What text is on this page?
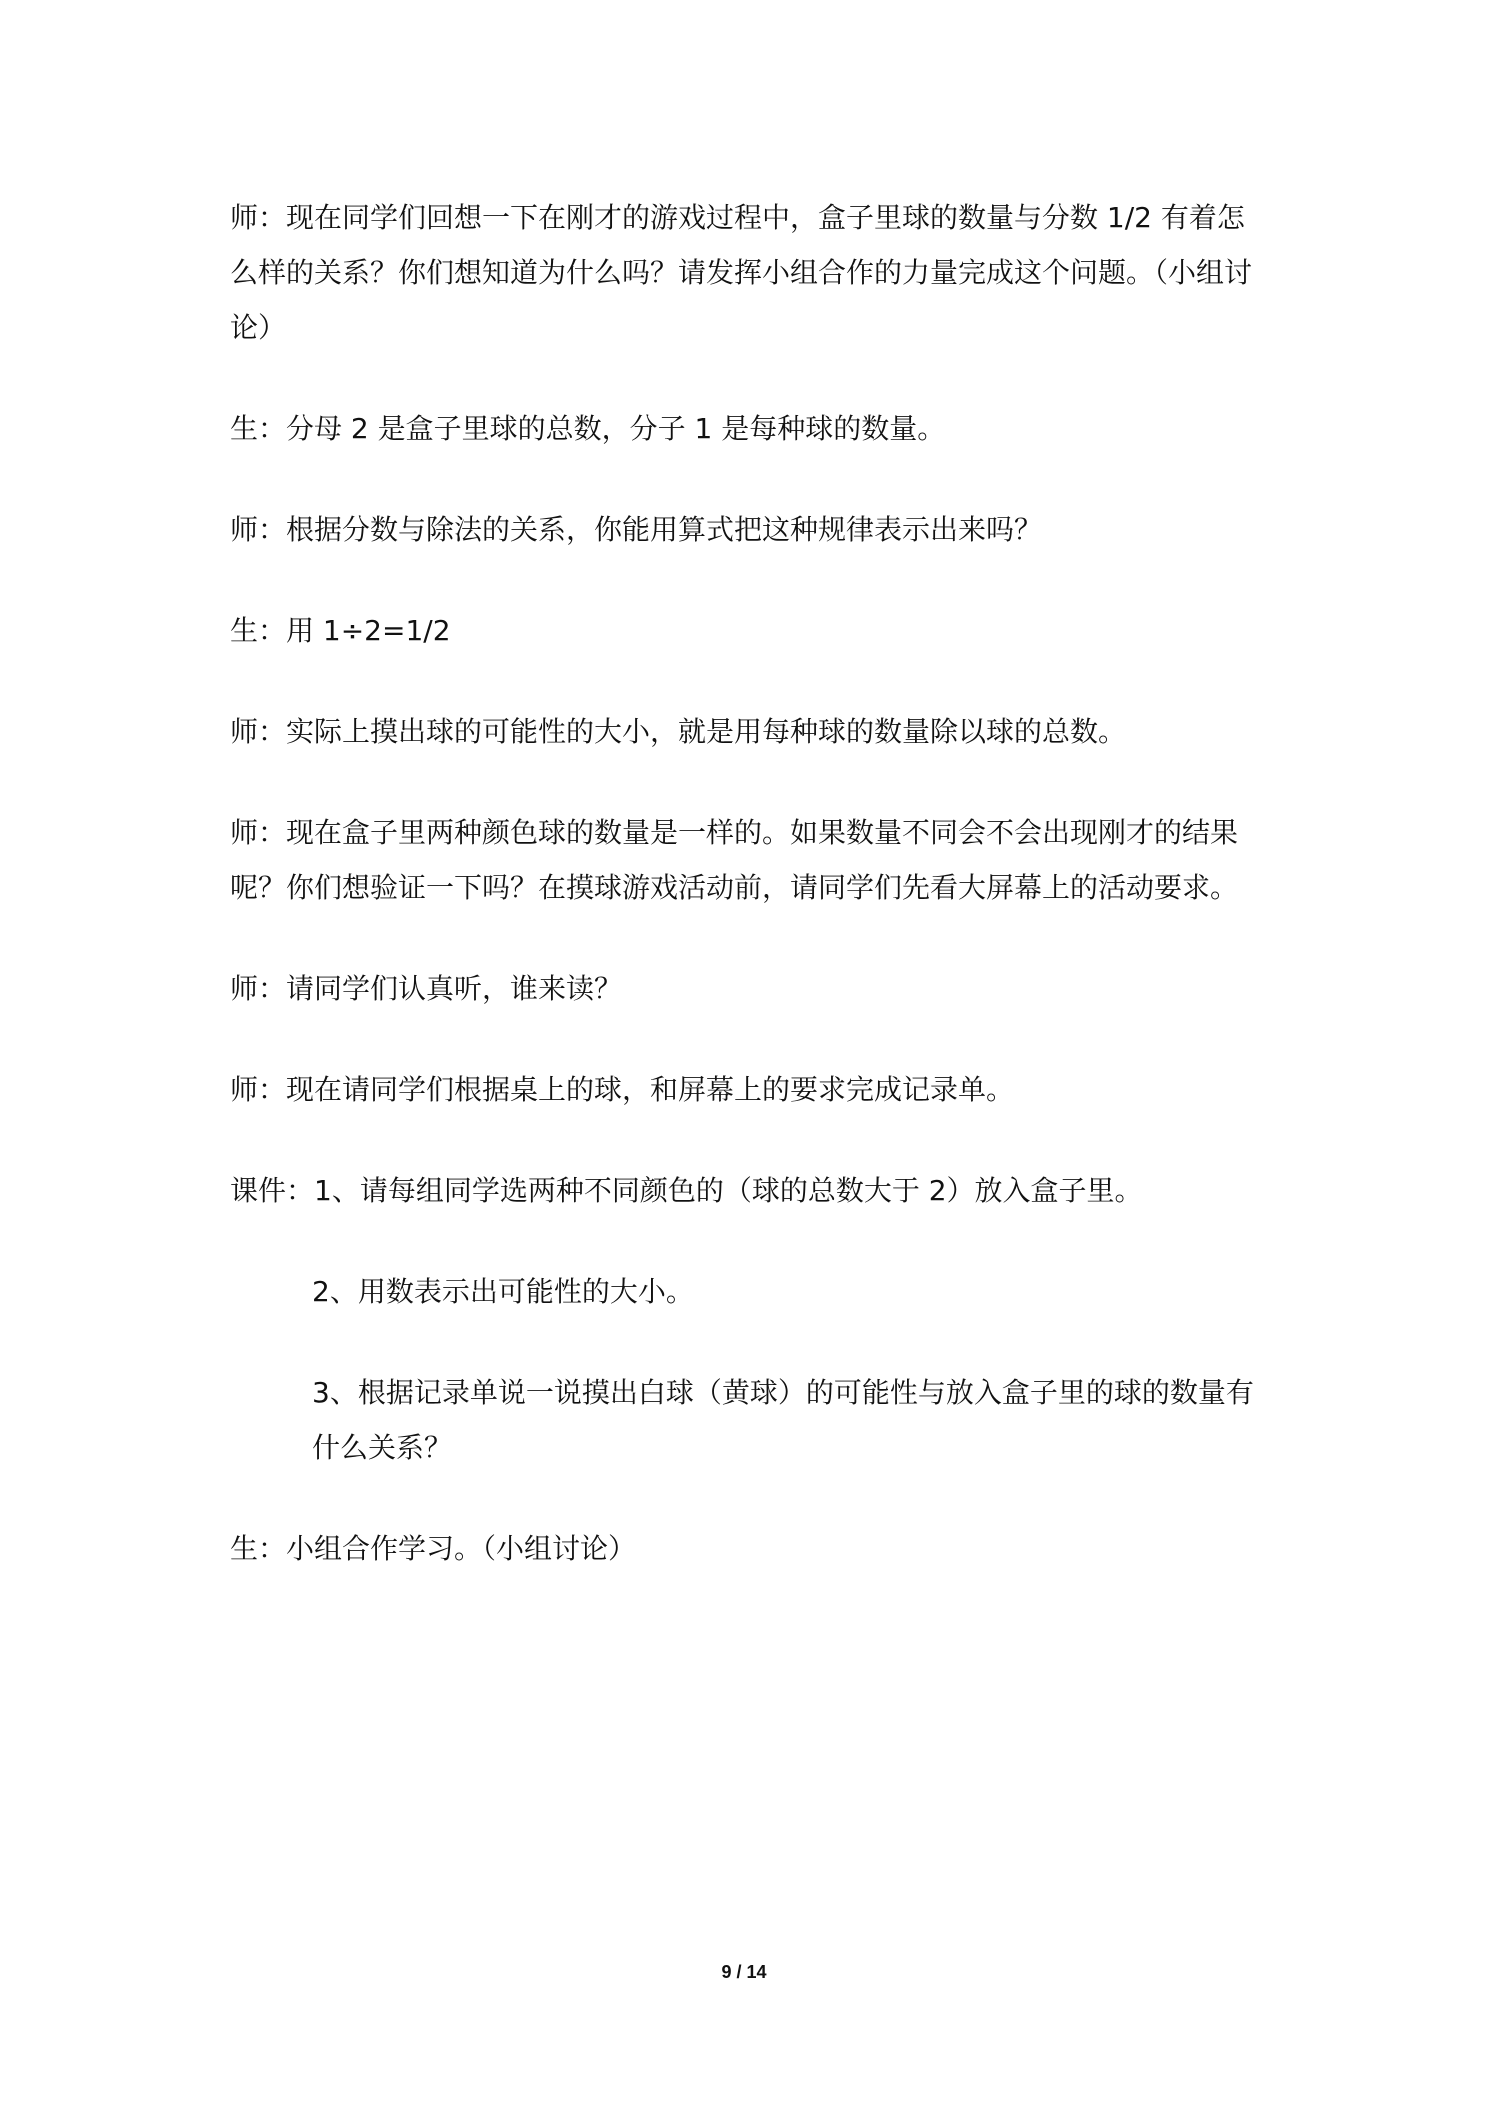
师：现在同学们回想一下在刚才的游戏过程中，盒子里球的数量与分数 1/2 有着怎么样的关系？你们想知道为什么吗？请发挥小组合作的力量完成这个问题。（小组讨论）

生：分母 2 是盒子里球的总数，分子 1 是每种球的数量。

师：根据分数与除法的关系，你能用算式把这种规律表示出来吗？

生：用 1÷2=1/2

师：实际上摸出球的可能性的大小，就是用每种球的数量除以球的总数。

师：现在盒子里两种颜色球的数量是一样的。如果数量不同会不会出现刚才的结果呢？你们想验证一下吗？在摸球游戏活动前，请同学们先看大屏幕上的活动要求。

师：请同学们认真听，谁来读？

师：现在请同学们根据桌上的球，和屏幕上的要求完成记录单。

课件：1、请每组同学选两种不同颜色的（球的总数大于 2）放入盒子里。

2、用数表示出可能性的大小。

3、根据记录单说一说摸出白球（黄球）的可能性与放入盒子里的球的数量有什么关系？

生：小组合作学习。（小组讨论）

9 / 14
